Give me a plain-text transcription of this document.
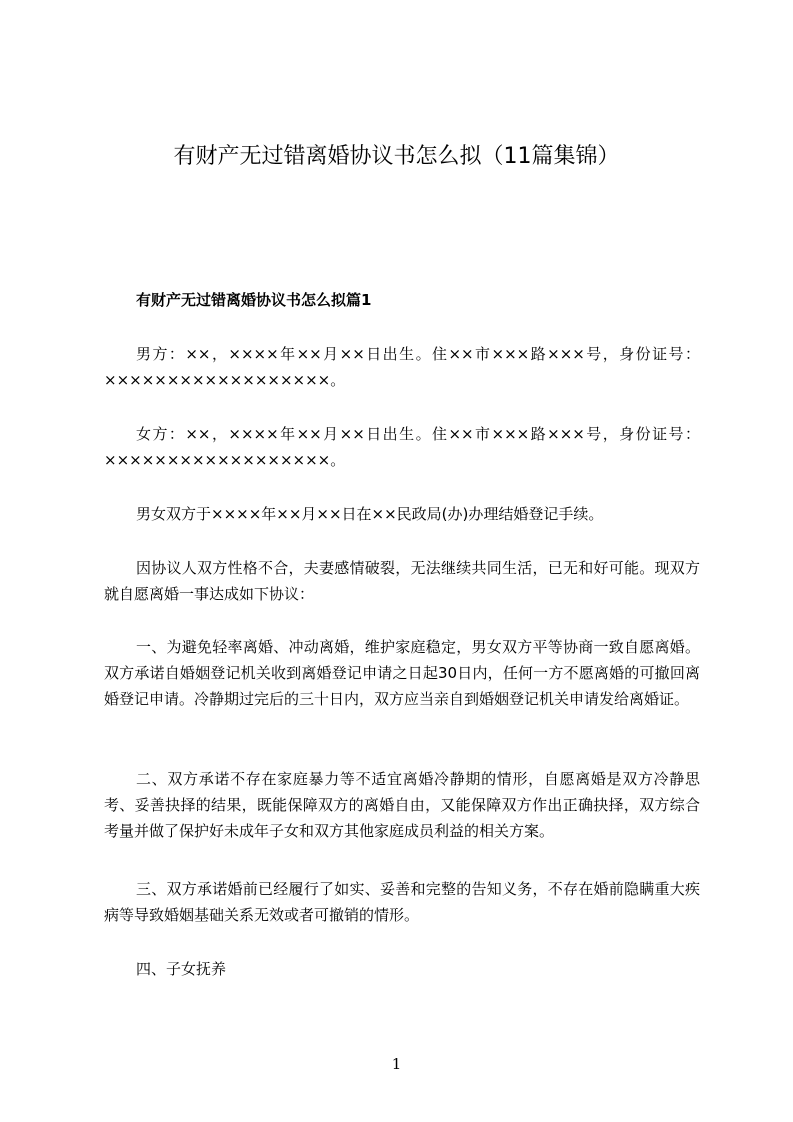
有财产无过错离婚协议书怎么拟（11篇集锦）
有财产无过错离婚协议书怎么拟篇1

男方：××，××××年××月××日出生。住××市×××路×××号，身份证号：××××××××××××××××××。

女方：××，××××年××月××日出生。住××市×××路×××号，身份证号：××××××××××××××××××。

男女双方于××××年××月××日在××民政局(办)办理结婚登记手续。

因协议人双方性格不合，夫妻感情破裂，无法继续共同生活，已无和好可能。现双方就自愿离婚一事达成如下协议：

一、为避免轻率离婚、冲动离婚，维护家庭稳定，男女双方平等协商一致自愿离婚。双方承诺自婚姻登记机关收到离婚登记申请之日起30日内，任何一方不愿离婚的可撤回离婚登记申请。冷静期过完后的三十日内，双方应当亲自到婚姻登记机关申请发给离婚证。

二、双方承诺不存在家庭暴力等不适宜离婚冷静期的情形，自愿离婚是双方冷静思考、妥善抉择的结果，既能保障双方的离婚自由，又能保障双方作出正确抉择，双方综合考量并做了保护好未成年子女和双方其他家庭成员利益的相关方案。

三、双方承诺婚前已经履行了如实、妥善和完整的告知义务，不存在婚前隐瞒重大疾病等导致婚姻基础关系无效或者可撤销的情形。

四、子女抚养

1
